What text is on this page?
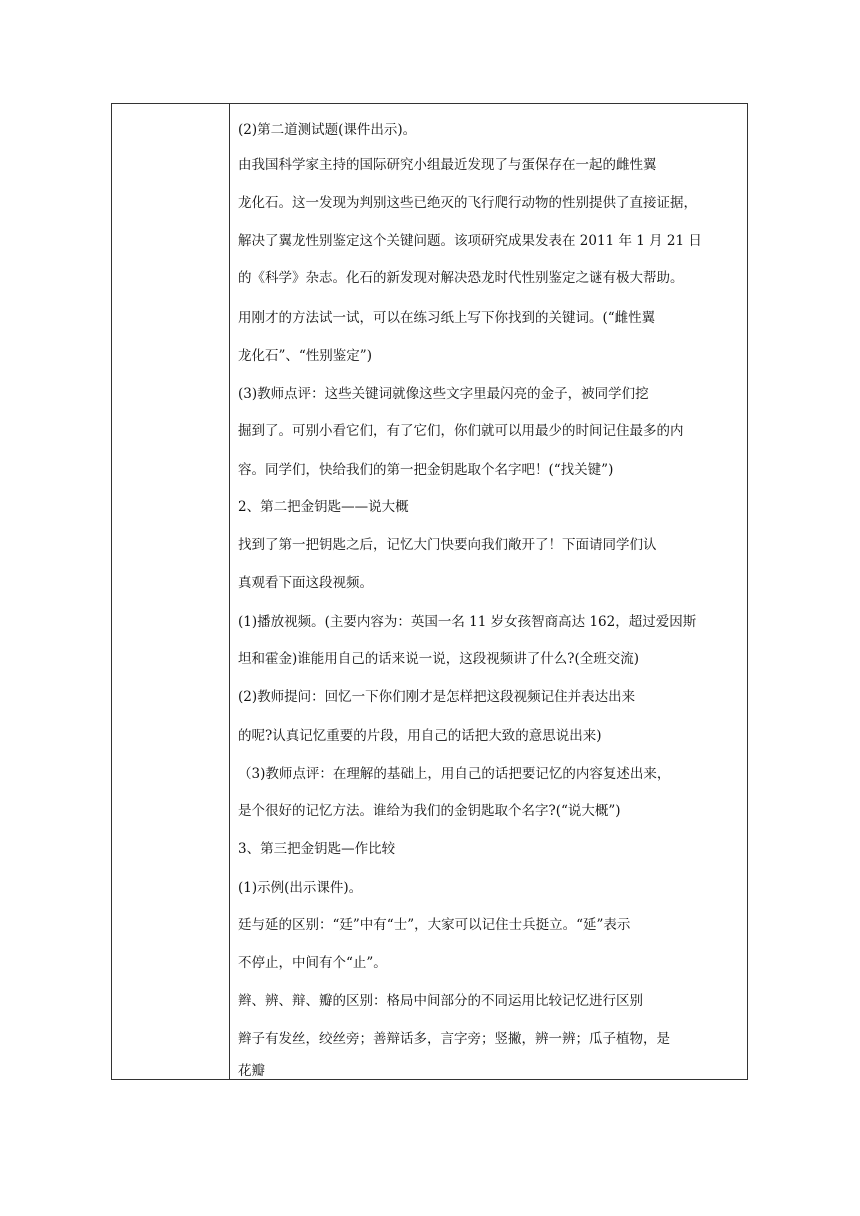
(2)第二道测试题(课件出示)。
由我国科学家主持的国际研究小组最近发现了与蛋保存在一起的雌性翼
龙化石。这一发现为判别这些已绝灭的飞行爬行动物的性别提供了直接证据，
解决了翼龙性别鉴定这个关键问题。该项研究成果发表在 2011 年 1 月 21 日
的《科学》杂志。化石的新发现对解决恐龙时代性别鉴定之谜有极大帮助。
用刚才的方法试一试，可以在练习纸上写下你找到的关键词。(“雌性翼
龙化石”、“性别鉴定”)
(3)教师点评：这些关键词就像这些文字里最闪亮的金子，被同学们挖
掘到了。可别小看它们，有了它们，你们就可以用最少的时间记住最多的内
容。同学们，快给我们的第一把金钥匙取个名字吧！(“找关键”)
2、第二把金钥匙——说大概
找到了第一把钥匙之后，记忆大门快要向我们敞开了！下面请同学们认
真观看下面这段视频。
(1)播放视频。(主要内容为：英国一名 11 岁女孩智商高达 162，超过爱因斯
坦和霍金)谁能用自己的话来说一说，这段视频讲了什么?(全班交流)
(2)教师提问：回忆一下你们刚才是怎样把这段视频记住并表达出来
的呢?认真记忆重要的片段，用自己的话把大致的意思说出来)
（3)教师点评：在理解的基础上，用自己的话把要记忆的内容复述出来，
是个很好的记忆方法。谁给为我们的金钥匙取个名字?(“说大概”)
3、第三把金钥匙—作比较
(1)示例(出示课件)。
廷与延的区别：“廷”中有“士”，大家可以记住士兵挺立。“延”表示
不停止，中间有个“止”。
辫、辨、辩、瓣的区别：格局中间部分的不同运用比较记忆进行区别
辫子有发丝，绞丝旁；善辩话多，言字旁；竖撇，辨一辨；瓜子植物，是
花瓣
